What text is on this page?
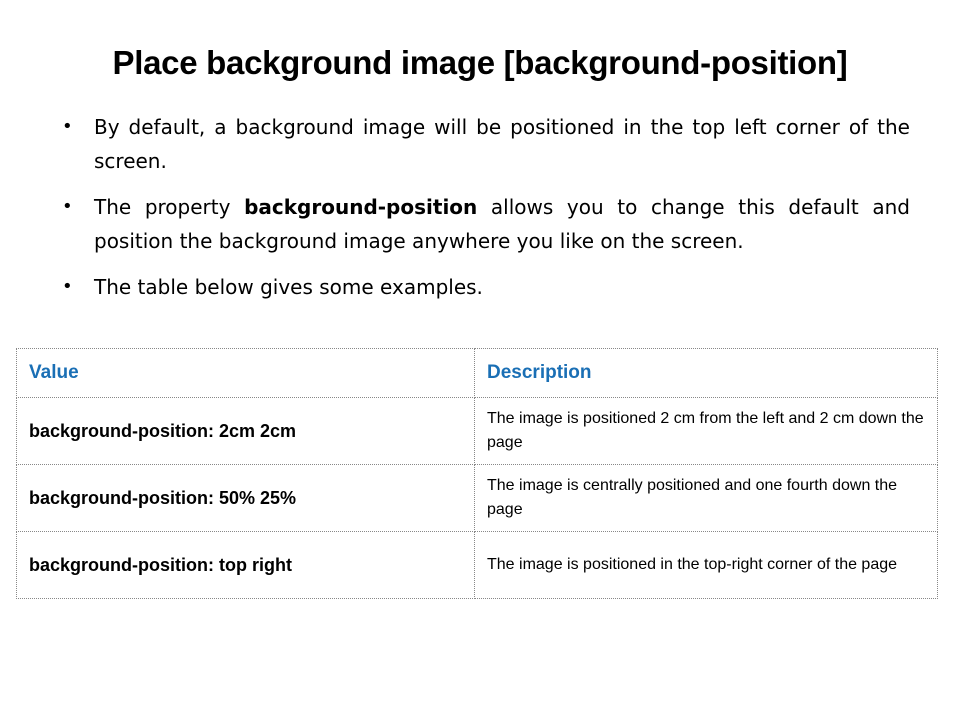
Place background image [background-position]
• By default, a background image will be positioned in the top left corner of the screen.
• The property background-position allows you to change this default and position the background image anywhere you like on the screen.
• The table below gives some examples.
Value	Description
background-position: 2cm 2cm	The image is positioned 2 cm from the left and 2 cm down the page
background-position: 50% 25%	The image is centrally positioned and one fourth down the page
background-position: top right	The image is positioned in the top-right corner of the page
